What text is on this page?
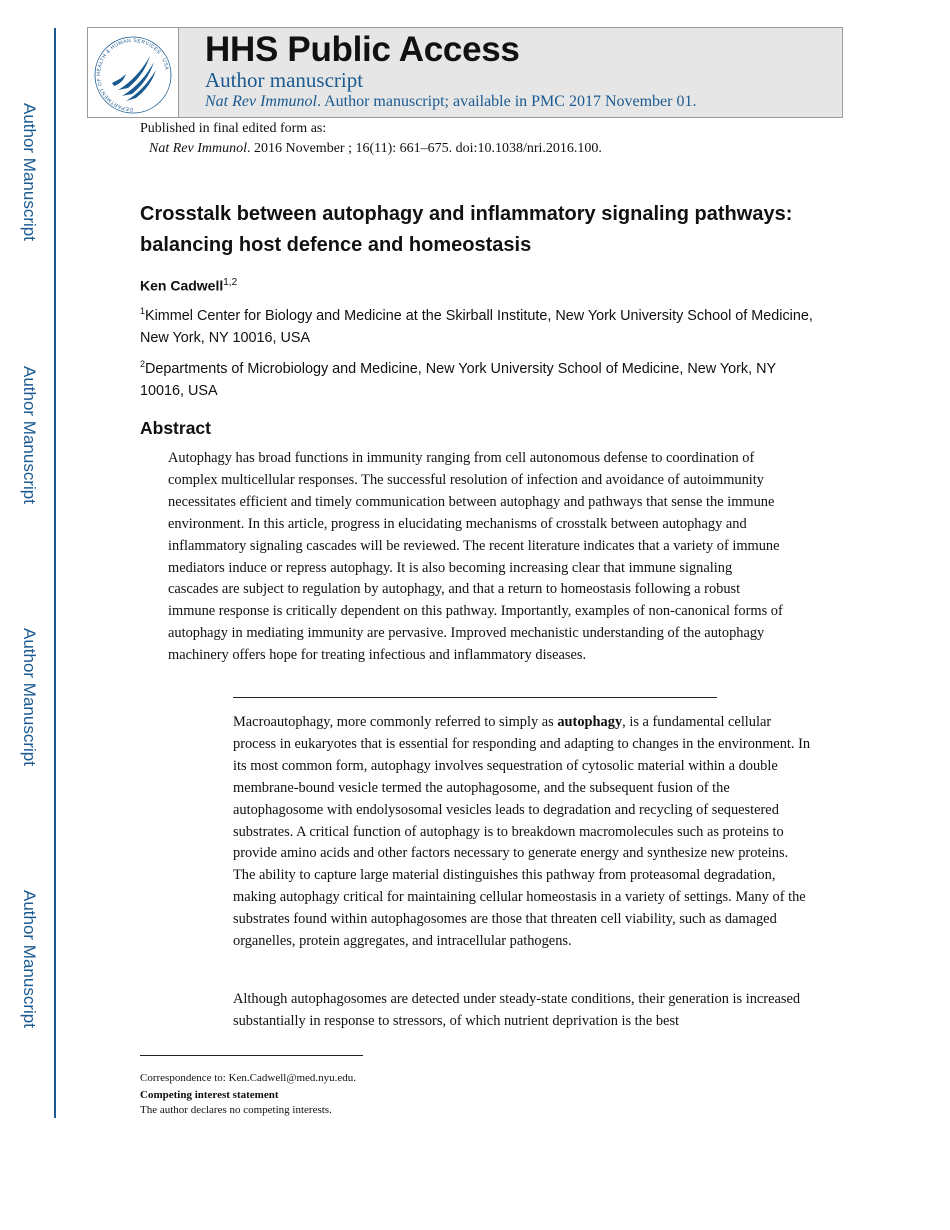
Author Manuscript
Author Manuscript
Author Manuscript
Author Manuscript
DEPARTMENT OF HEALTH & HUMAN SERVICES · USA HHS Public Access
Author manuscript
Nat Rev Immunol. Author manuscript; available in PMC 2017 November 01.
Published in final edited form as:
Nat Rev Immunol. 2016 November ; 16(11): 661–675. doi:10.1038/nri.2016.100.
Crosstalk between autophagy and inflammatory signaling pathways: balancing host defence and homeostasis
Ken Cadwell$^{1,2}$
$^1$Kimmel Center for Biology and Medicine at the Skirball Institute, New York University School of Medicine, New York, NY 10016, USA
$^2$Departments of Microbiology and Medicine, New York University School of Medicine, New York, NY 10016, USA
Abstract
Autophagy has broad functions in immunity ranging from cell autonomous defense to coordination of complex multicellular responses. The successful resolution of infection and avoidance of autoimmunity necessitates efficient and timely communication between autophagy and pathways that sense the immune environment. In this article, progress in elucidating mechanisms of crosstalk between autophagy and inflammatory signaling cascades will be reviewed. The recent literature indicates that a variety of immune mediators induce or repress autophagy. It is also becoming increasing clear that immune signaling cascades are subject to regulation by autophagy, and that a return to homeostasis following a robust immune response is critically dependent on this pathway. Importantly, examples of non-canonical forms of autophagy in mediating immunity are pervasive. Improved mechanistic understanding of the autophagy machinery offers hope for treating infectious and inflammatory diseases.

Macroautophagy, more commonly referred to simply as autophagy, is a fundamental cellular process in eukaryotes that is essential for responding and adapting to changes in the environment. In its most common form, autophagy involves sequestration of cytosolic material within a double membrane-bound vesicle termed the autophagosome, and the subsequent fusion of the autophagosome with endolysosomal vesicles leads to degradation and recycling of sequestered substrates. A critical function of autophagy is to breakdown macromolecules such as proteins to provide amino acids and other factors necessary to generate energy and synthesize new proteins. The ability to capture large material distinguishes this pathway from proteasomal degradation, making autophagy critical for maintaining cellular homeostasis in a variety of settings. Many of the substrates found within autophagosomes are those that threaten cell viability, such as damaged organelles, protein aggregates, and intracellular pathogens.

Although autophagosomes are detected under steady-state conditions, their generation is increased substantially in response to stressors, of which nutrient deprivation is the best

Correspondence to: Ken.Cadwell@med.nyu.edu.
Competing interest statement
The author declares no competing interests.
